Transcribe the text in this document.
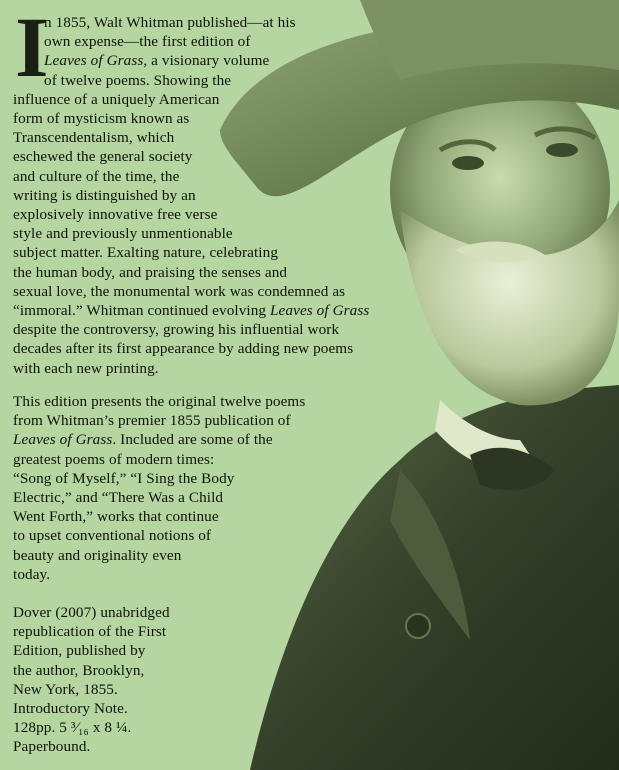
I
n 1855, Walt Whitman published—at his
own expense—the first edition of
Leaves of Grass, a visionary volume
of twelve poems. Showing the
influence of a uniquely American
form of mysticism known as
Transcendentalism, which
eschewed the general society
and culture of the time, the
writing is distinguished by an
explosively innovative free verse
style and previously unmentionable
subject matter. Exalting nature, celebrating
the human body, and praising the senses and
sexual love, the monumental work was condemned as
“immoral.” Whitman continued evolving Leaves of Grass
despite the controversy, growing his influential work
decades after its first appearance by adding new poems
with each new printing.
This edition presents the original twelve poems
from Whitman’s premier 1855 publication of
Leaves of Grass. Included are some of the
greatest poems of modern times:
“Song of Myself,” “I Sing the Body
Electric,” and “There Was a Child
Went Forth,” works that continue
to upset conventional notions of
beauty and originality even
today.
Dover (2007) unabridged
republication of the First
Edition, published by
the author, Brooklyn,
New York, 1855.
Introductory Note.
128pp. 5 ³⁄₁₆ x 8 ¼.
Paperbound.
